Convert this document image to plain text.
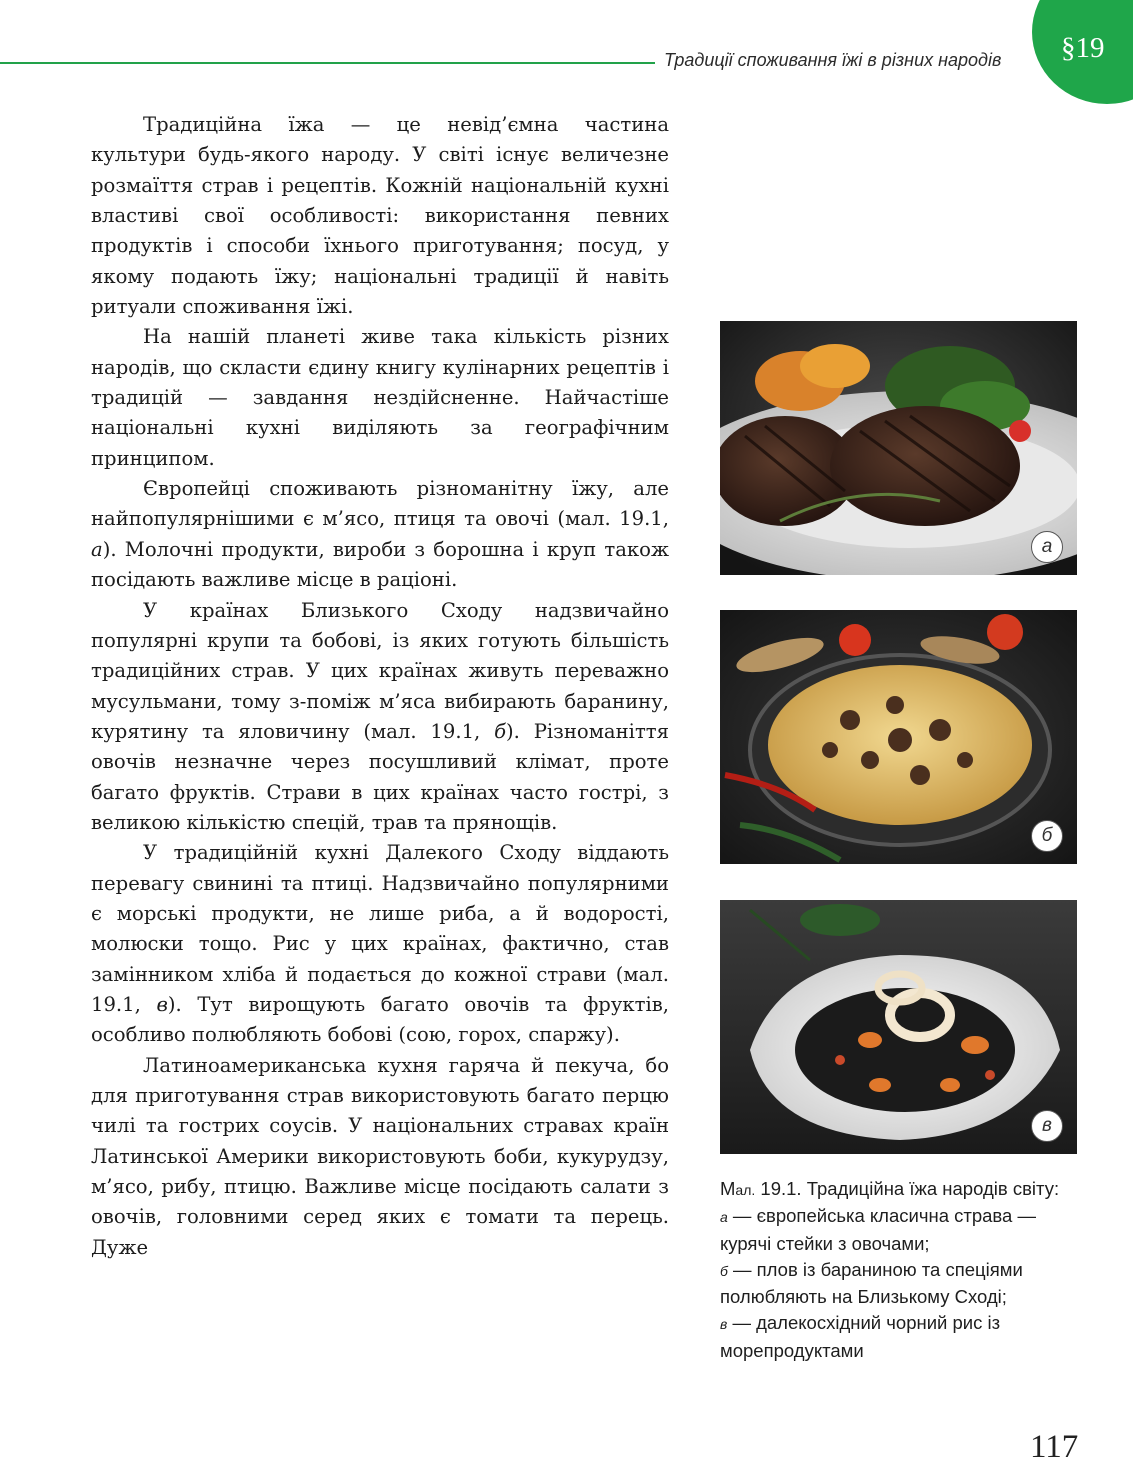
Традиції споживання їжі в різних народів	§19

Традиційна їжа — це невід’ємна частина культури будь-якого народу. У світі існує величезне розмаїття страв і рецептів. Кожній національній кухні властиві свої особливості: використання певних продуктів і способи їхнього приготування; посуд, у якому подають їжу; національні традиції й навіть ритуали споживання їжі.

На нашій планеті живе така кількість різних народів, що скласти єдину книгу кулінарних рецептів і традицій — завдання нездійсненне. Найчастіше національні кухні виділяють за географічним принципом.

Європейці споживають різноманітну їжу, але найпопулярнішими є м’ясо, птиця та овочі (мал. 19.1, а). Молочні продукти, вироби з борошна і круп також посідають важливе місце в раціоні.

У країнах Близького Сходу надзвичайно популярні крупи та бобові, із яких готують більшість традиційних страв. У цих країнах живуть переважно мусульмани, тому з-поміж м’яса вибирають баранину, курятину та яловичину (мал. 19.1, б). Різноманіття овочів незначне через посушливий клімат, проте багато фруктів. Страви в цих країнах часто гострі, з великою кількістю спецій, трав та прянощів.

У традиційній кухні Далекого Сходу віддають перевагу свинині та птиці. Надзвичайно популярними є морські продукти, не лише риба, а й водорості, молюски тощо. Рис у цих країнах, фактично, став замінником хліба й подається до кожної страви (мал. 19.1, в). Тут вирощують багато овочів та фруктів, особливо полюбляють бобові (сою, горох, спаржу).

Латиноамериканська кухня гаряча й пекуча, бо для приготування страв використовують багато перцю чилі та гострих соусів. У національних стравах країн Латинської Америки використовують боби, кукурудзу, м’ясо, рибу, птицю. Важливе місце посідають салати з овочів, головними серед яких є томати та перець. Дуже

а
б
в
Мал. 19.1. Традиційна їжа народів світу:
а — європейська класична страва — курячі стейки з овочами;
б — плов із бараниною та спеціями полюбляють на Близькому Сході;
в — далекосхідний чорний рис із морепродуктами
117
